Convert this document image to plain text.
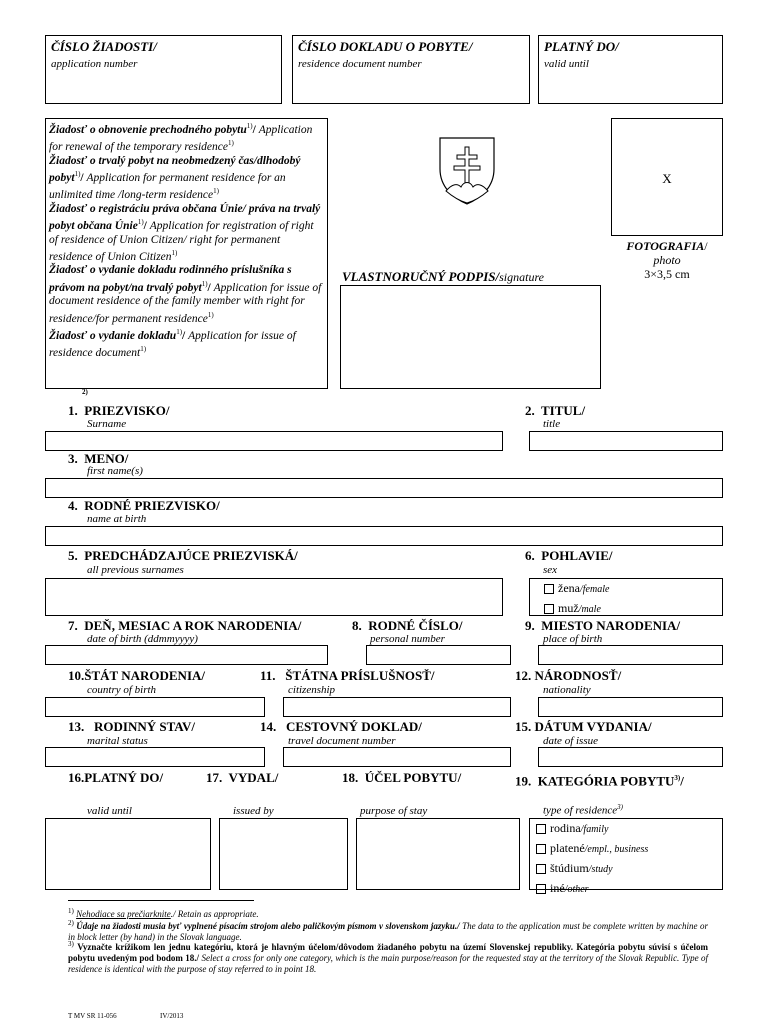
ČÍSLO ŽIADOSTI/
application number
ČÍSLO DOKLADU O POBYTE/
residence document number
PLATNÝ DO/
valid until

Žiadosť o obnovenie prechodného pobytu$^{1)}$/ Application for renewal of the temporary residence$^{1)}$

Žiadosť o trvalý pobyt na neobmedzený čas/dlhodobý pobyt$^{1)}$/ Application for permanent residence for an unlimited time /long-term residence$^{1)}$

Žiadosť o registráciu práva občana Únie/ práva na trvalý pobyt občana Únie$^{1)}$/ Application for registration of right of residence of Union Citizen/ right for permanent residence of Union Citizen$^{1)}$

Žiadosť o vydanie dokladu rodinného príslušníka s právom na pobyt/na trvalý pobyt$^{1)}$/ Application for issue of document residence of the family member with right for residence/for permanent residence$^{1)}$

Žiadosť o vydanie dokladu$^{1)}$/ Application for issue of residence document$^{1)}$

2)
X
FOTOGRAFIA/
photo
3×3,5 cm
VLASTNORUČNÝ PODPIS/signature
1. PRIEZVISKO/
Surname
2. TITUL/
title
3. MENO/
first name(s)
4. RODNÉ PRIEZVISKO/
name at birth
5. PREDCHÁDZAJÚCE PRIEZVISKÁ/
all previous surnames
6. POHLAVIE/
sex
žena/female
muž/male
7. DEŇ, MESIAC A ROK NARODENIA/
date of birth (ddmmyyyy)
8. RODNÉ ČÍSLO/
personal number
9. MIESTO NARODENIA/
place of birth
10.ŠTÁT NARODENIA/
country of birth
11. ŠTÁTNA PRÍSLUŠNOSŤ/
citizenship
12. NÁRODNOSŤ/
nationality
13. RODINNÝ STAV/
marital status
14. CESTOVNÝ DOKLAD/
travel document number
15. DÁTUM VYDANIA/
date of issue
16.PLATNÝ DO/
valid until
17. VYDAL/
issued by
18. ÚČEL POBYTU/
purpose of stay
19. KATEGÓRIA POBYTU$^{3)}$/
type of residence$^{3)}$
rodina/family
platené/empl., business
štúdium/study
iné/other
$^{1)}$ Nehodiace sa prečiarknite./ Retain as appropriate.
$^{2)}$ Údaje na žiadosti musia byť vyplnené písacím strojom alebo paličkovým písmom v slovenskom jazyku./ The data to the application must be complete written by machine or in block letter (by hand) in the Slovak language.
$^{3)}$ Vyznačte krížikom len jednu kategóriu, ktorá je hlavným účelom/dôvodom žiadaného pobytu na území Slovenskej republiky. Kategória pobytu súvisí s účelom pobytu uvedeným pod bodom 18./ Select a cross for only one category, which is the main purpose/reason for the requested stay at the territory of the Slovak Republic. Type of residence is identical with the purpose of stay referred to in point 18.
T MV SR 11-056	IV/2013
